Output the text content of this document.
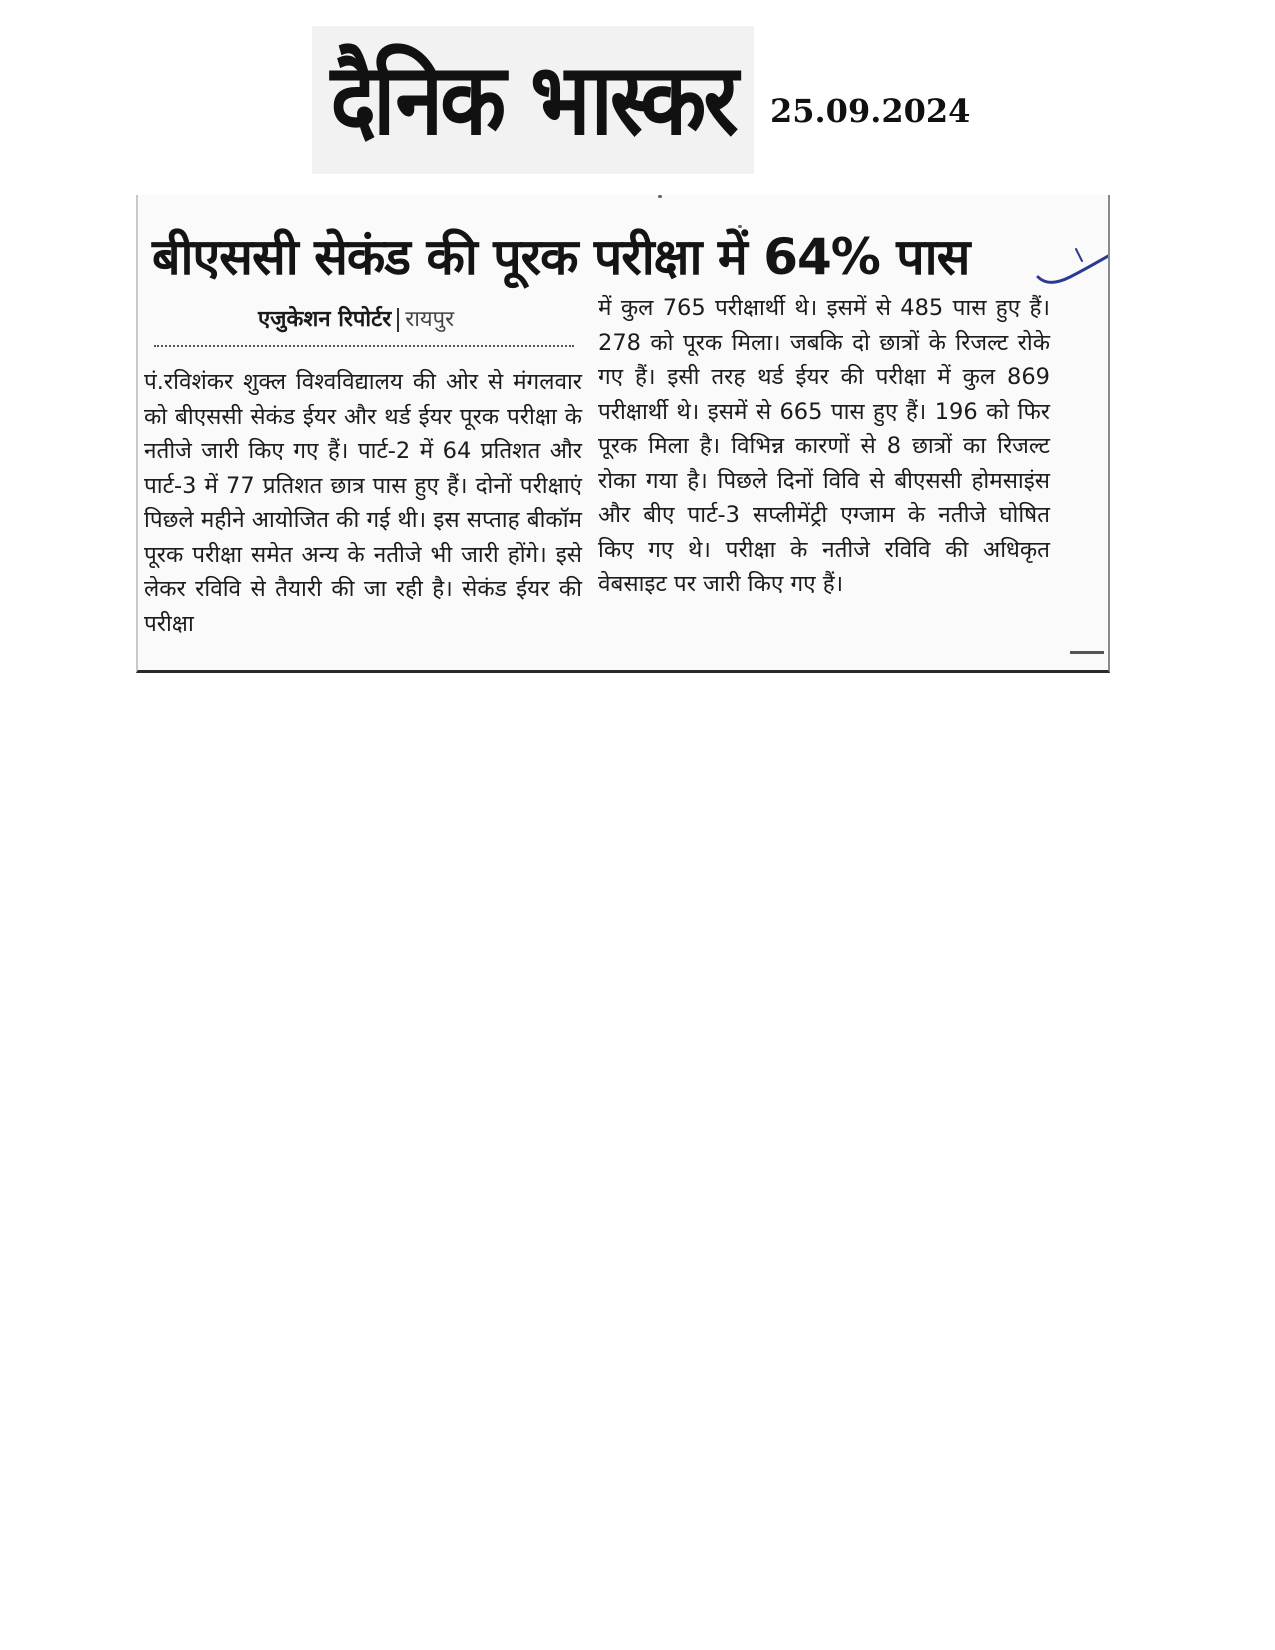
दैनिक भास्कर 25.09.2024
बीएससी सेकंड की पूरक परीक्षा में 64% पास
एजुकेशन रिपोर्टर रायपुर
पं.रविशंकर शुक्ल विश्वविद्यालय की ओर से मंगलवार को बीएससी सेकंड ईयर और थर्ड ईयर पूरक परीक्षा के नतीजे जारी किए गए हैं। पार्ट-2 में 64 प्रतिशत और पार्ट-3 में 77 प्रतिशत छात्र पास हुए हैं। दोनों परीक्षाएं पिछले महीने आयोजित की गई थी। इस सप्ताह बीकॉम पूरक परीक्षा समेत अन्य के नतीजे भी जारी होंगे। इसे लेकर रविवि से तैयारी की जा रही है। सेकंड ईयर की परीक्षा
में कुल 765 परीक्षार्थी थे। इसमें से 485 पास हुए हैं। 278 को पूरक मिला। जबकि दो छात्रों के रिजल्ट रोके गए हैं। इसी तरह थर्ड ईयर की परीक्षा में कुल 869 परीक्षार्थी थे। इसमें से 665 पास हुए हैं। 196 को फिर पूरक मिला है। विभिन्न कारणों से 8 छात्रों का रिजल्ट रोका गया है। पिछले दिनों विवि से बीएससी होमसाइंस और बीए पार्ट-3 सप्लीमेंट्री एग्जाम के नतीजे घोषित किए गए थे। परीक्षा के नतीजे रविवि की अधिकृत वेबसाइट पर जारी किए गए हैं।
